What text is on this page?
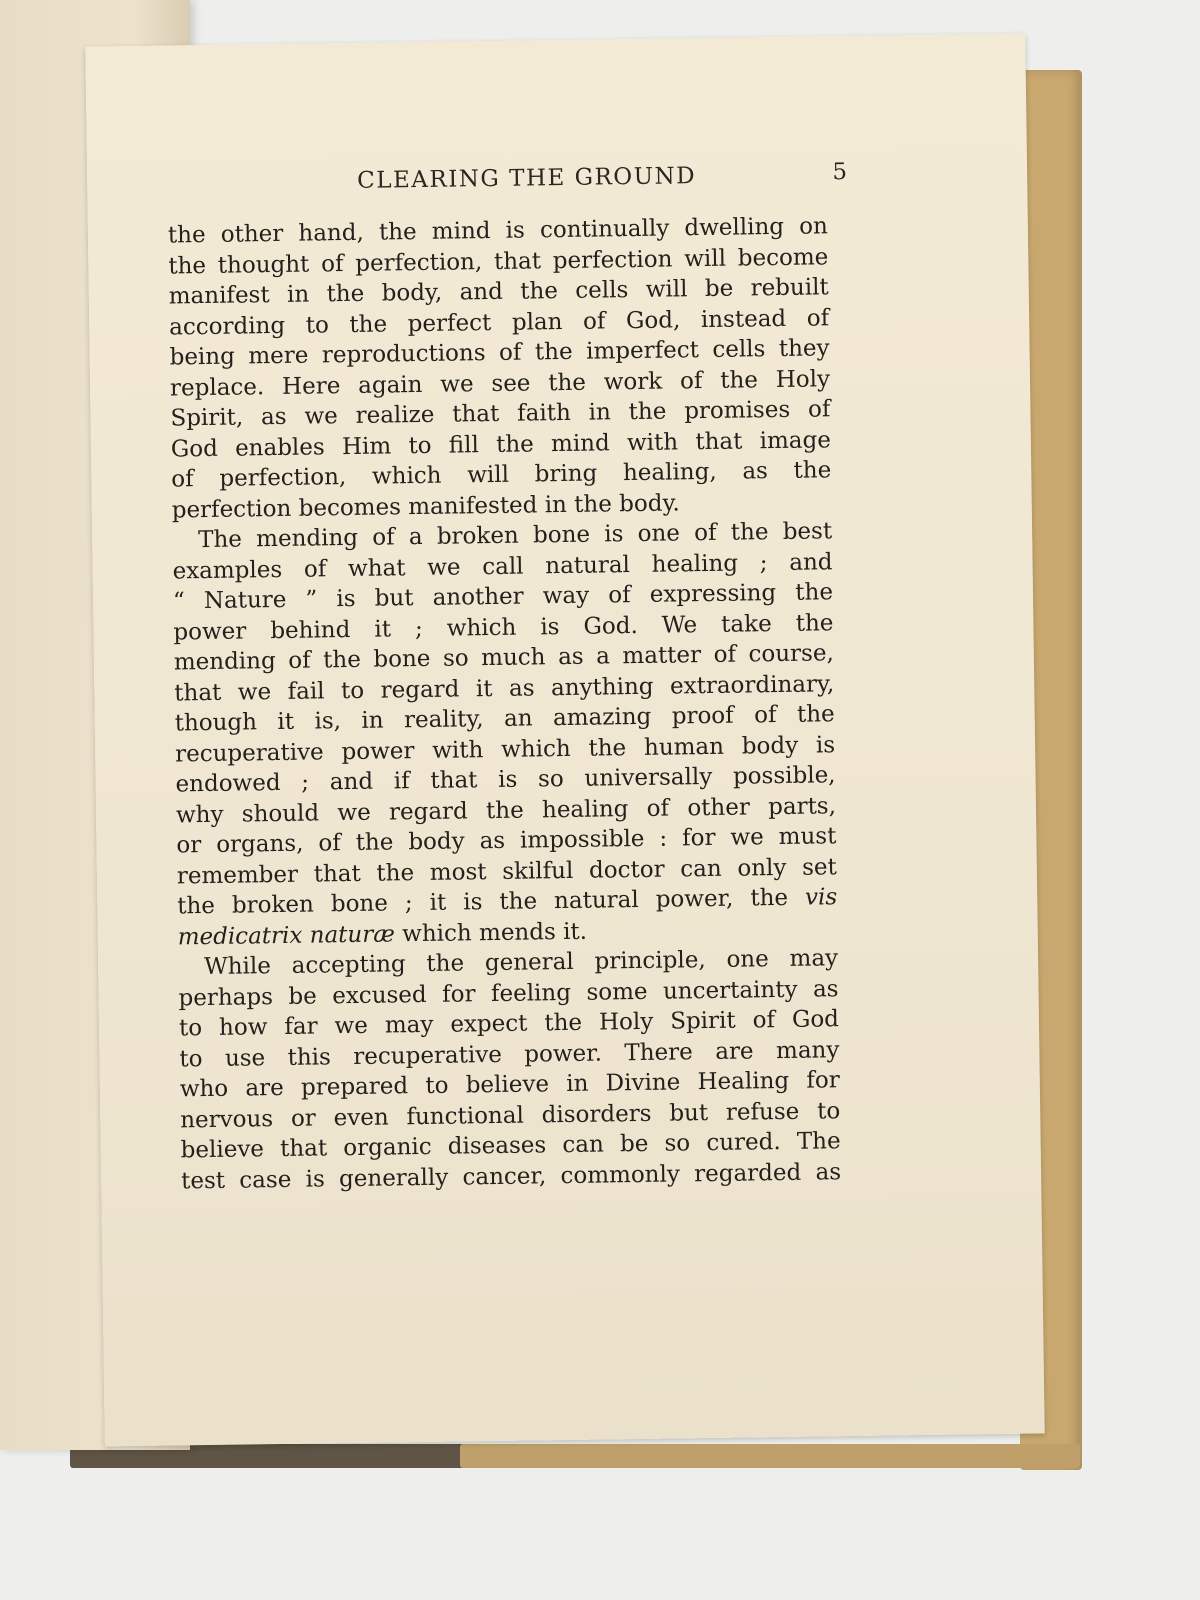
CLEARING THE GROUND	5
the other hand, the mind is continually dwelling on
the thought of perfection, that perfection will become
manifest in the body, and the cells will be rebuilt
according to the perfect plan of God, instead of
being mere reproductions of the imperfect cells they
replace. Here again we see the work of the Holy
Spirit, as we realize that faith in the promises of
God enables Him to fill the mind with that image
of perfection, which will bring healing, as the
perfection becomes manifested in the body.
The mending of a broken bone is one of the best
examples of what we call natural healing ; and
“ Nature ” is but another way of expressing the
power behind it ; which is God. We take the
mending of the bone so much as a matter of course,
that we fail to regard it as anything extraordinary,
though it is, in reality, an amazing proof of the
recuperative power with which the human body is
endowed ; and if that is so universally possible,
why should we regard the healing of other parts,
or organs, of the body as impossible : for we must
remember that the most skilful doctor can only set
the broken bone ; it is the natural power, the vis
medicatrix naturæ which mends it.
While accepting the general principle, one may
perhaps be excused for feeling some uncertainty as
to how far we may expect the Holy Spirit of God
to use this recuperative power. There are many
who are prepared to believe in Divine Healing for
nervous or even functional disorders but refuse to
believe that organic diseases can be so cured. The
test case is generally cancer, commonly regarded as
